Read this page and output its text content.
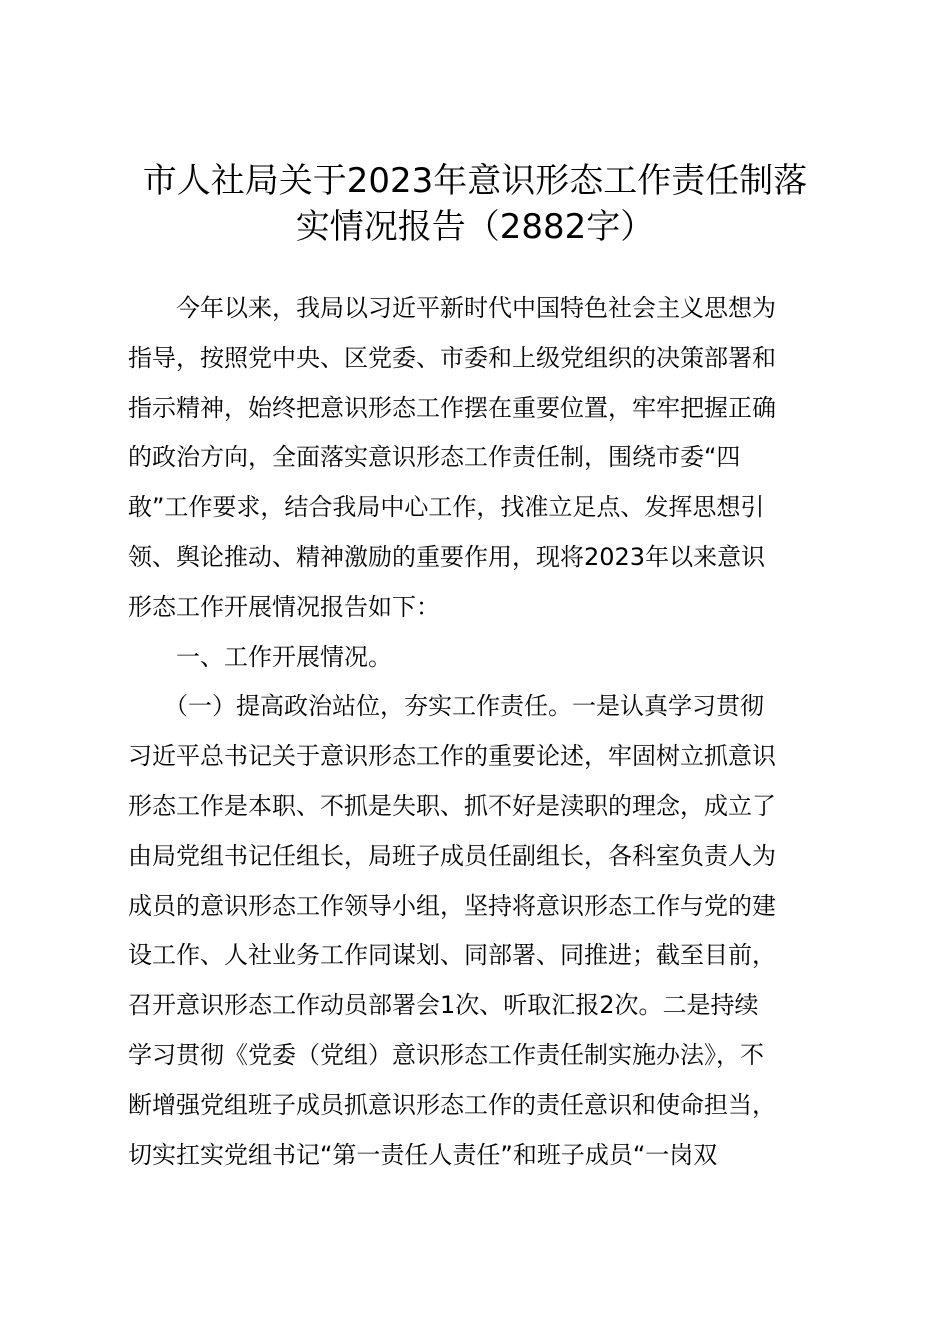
市人社局关于2023年意识形态工作责任制落
实情况报告（2882字）
　　今年以来，我局以习近平新时代中国特色社会主义思想为
指导，按照党中央、区党委、市委和上级党组织的决策部署和
指示精神，始终把意识形态工作摆在重要位置，牢牢把握正确
的政治方向，全面落实意识形态工作责任制，围绕市委“四
敢”工作要求，结合我局中心工作，找准立足点、发挥思想引
领、舆论推动、精神激励的重要作用，现将2023年以来意识
形态工作开展情况报告如下：
　　一、工作开展情况。
　　（一）提高政治站位，夯实工作责任。一是认真学习贯彻
习近平总书记关于意识形态工作的重要论述，牢固树立抓意识
形态工作是本职、不抓是失职、抓不好是渎职的理念，成立了
由局党组书记任组长，局班子成员任副组长，各科室负责人为
成员的意识形态工作领导小组，坚持将意识形态工作与党的建
设工作、人社业务工作同谋划、同部署、同推进；截至目前，
召开意识形态工作动员部署会1次、听取汇报2次。二是持续
学习贯彻《党委（党组）意识形态工作责任制实施办法》，不
断增强党组班子成员抓意识形态工作的责任意识和使命担当，
切实扛实党组书记“第一责任人责任”和班子成员“一岗双
